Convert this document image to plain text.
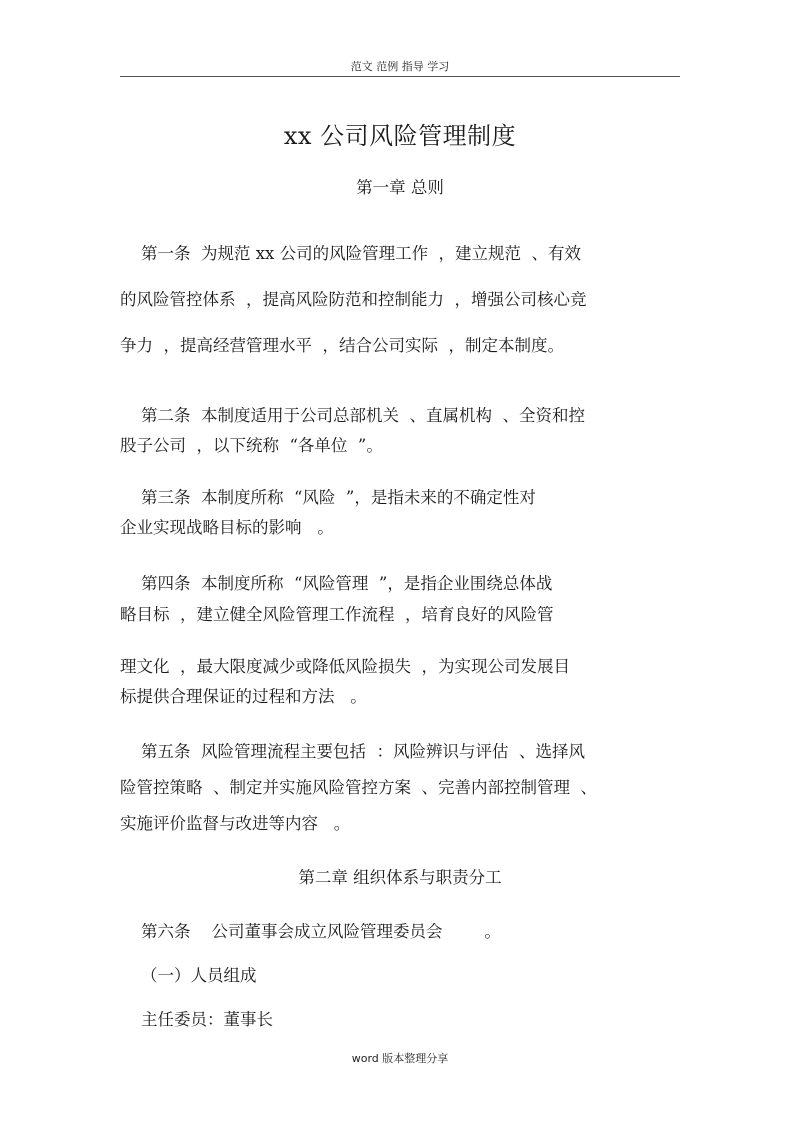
范文 范例 指导 学习
xx 公司风险管理制度
第一章 总则
第一条  为规范 xx 公司的风险管理工作  ，建立规范  、有效
的风险管控体系  ，提高风险防范和控制能力  ，增强公司核心竞
争力  ，提高经营管理水平  ，结合公司实际  ，制定本制度。
第二条  本制度适用于公司总部机关  、直属机构  、全资和控
股子公司  ，以下统称  “各单位  ”。
第三条  本制度所称  “风险  ”，是指未来的不确定性对
企业实现战略目标的影响   。
第四条  本制度所称  “风险管理  ”，是指企业围绕总体战
略目标  ，建立健全风险管理工作流程  ，培育良好的风险管
理文化  ，最大限度减少或降低风险损失  ，为实现公司发展目
标提供合理保证的过程和方法   。
第五条  风险管理流程主要包括  ：风险辨识与评估  、选择风
险管控策略  、制定并实施风险管控方案  、完善内部控制管理  、
实施评价监督与改进等内容   。
第二章 组织体系与职责分工
第六条    公司董事会成立风险管理委员会        。
（一）人员组成
主任委员：董事长
word 版本整理分享
